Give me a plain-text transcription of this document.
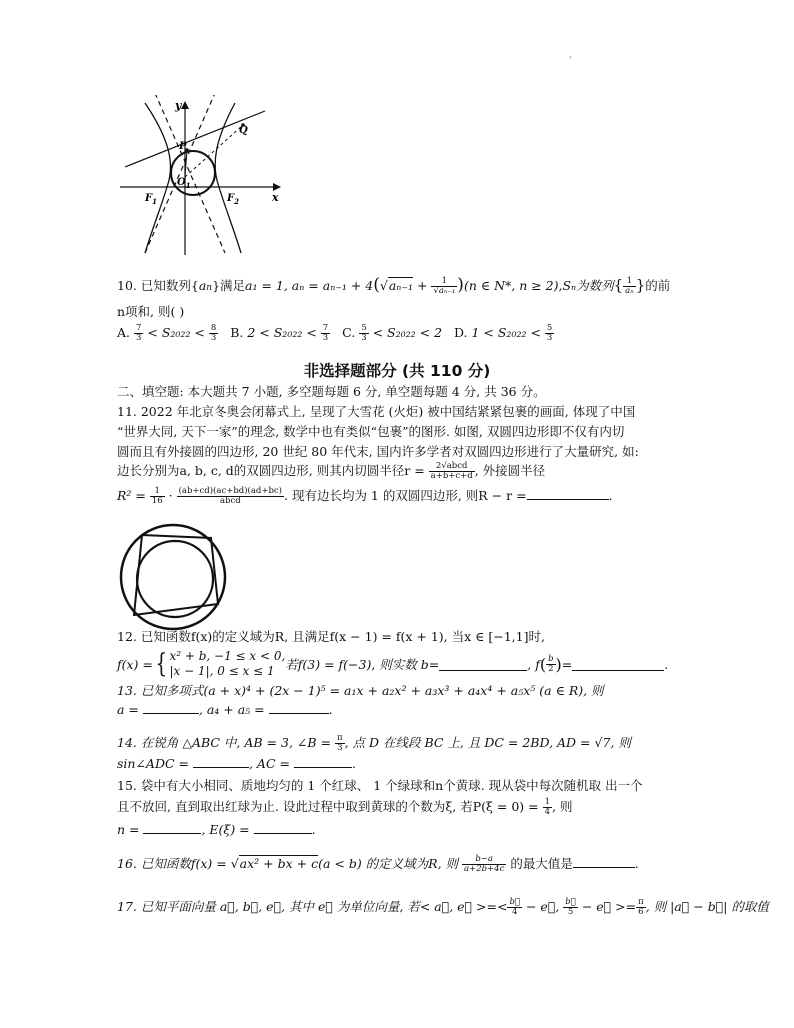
'
y
x
P
Q
$O_1$
$F_1$	$F_2$
10. 已知数列{an}满足a₁ = 1, $a_n = a_{n-1} + 4(√a_{n-1} + \frac{1}{\text{√aₙ₋₁}} )(n$ ∈ N*, n ≥ 2),Sₙ为数列{ $\frac{1}{\text{aₙ}}$ }的前
n项和, 则( )
A. $\frac{7}{3} < S_{2022} < \frac{8}{3} B$. $2 < S_{2022} < \frac{7}{3} C$. $\frac{5}{3} < S_{2022} < 2$ D. $1 < S_{2022} < \frac{5}{3}$
非选择题部分 (共 110 分)
二、填空题: 本大题共 7 小题, 多空题每题 6 分, 单空题每题 4 分, 共 36 分。
11. 2022 年北京冬奥会闭幕式上, 呈现了大雪花 (火炬) 被中国结紧紧包裹的画面, 体现了中国
“世界大同, 天下一家”的理念, 数学中也有类似“包裹”的图形. 如图, 双圆四边形即不仅有内切
圆而且有外接圆的四边形, 20 世纪 80 年代末, 国内许多学者对双圆四边形进行了大量研究, 如:
边长分别为a, b, c, d的双圆四边形, 则其内切圆半径$r = \frac{\text{2√abcd}}{a+b+c+d}$ , 外接圆半径
$R^2 = \frac{1}{16} \cdot \frac{(ab+cd)(ac+bd)(ad+bc)}{\text{abcd}}$ . 现有边长均为 1 的双圆四边形, 则R − r =	.
12. 已知函数f(x)的定义域为R, 且满足f(x − 1) = f(x + 1), 当x ∈ [−1,1]时,
f(x) = { x² + b, −1 ≤ x < 0,
|x − 1|, 0 ≤ x ≤ 1 若f(3) = f(−3), 则实数 b=	, f ( $\frac{b}{2}$ ) =	.
13. 已知多项式(a + x)⁴ + (2x − 1)⁵ = a₁x + a₂x² + a₃x³ + a₄x⁴ + a₅x⁵ (a ∈ R), 则
a =	, a₄ + a₅ =	.
14. 在锐角 △ABC 中, AB = 3, ∠B = $\frac{\pi}{3}$ , 点 D 在线段 BC 上, 且 DC = 2BD, AD = √7, 则
sin∠ADC =	, AC =	.
15. 袋中有大小相同、质地均匀的 1 个红球、 1 个绿球和n个黄球. 现从袋中每次随机取 出一个
且不放回, 直到取出红球为止. 设此过程中取到黄球的个数为ξ, 若$P(\xi = 0) = \frac{1}{4}$ , 则
n =	, E(ξ) =	.
16. 已知函数f(x) = √ax² + bx + c(a < b) 的定义域为R, 则 $\frac{b-a}{a+2b+4c}$ 的最大值是	.
17. 已知平面向量 a⃗, b⃗, e⃗, 其中 e⃗ 为单位向量, 若< a⃗, e⃗ >=< $\frac{b⃗}{4}$ − e⃗, $\frac{b⃗}{5}$ − e⃗ >= $\frac{\pi}{6}$ , 则 |a⃗ − b⃗| 的取值
